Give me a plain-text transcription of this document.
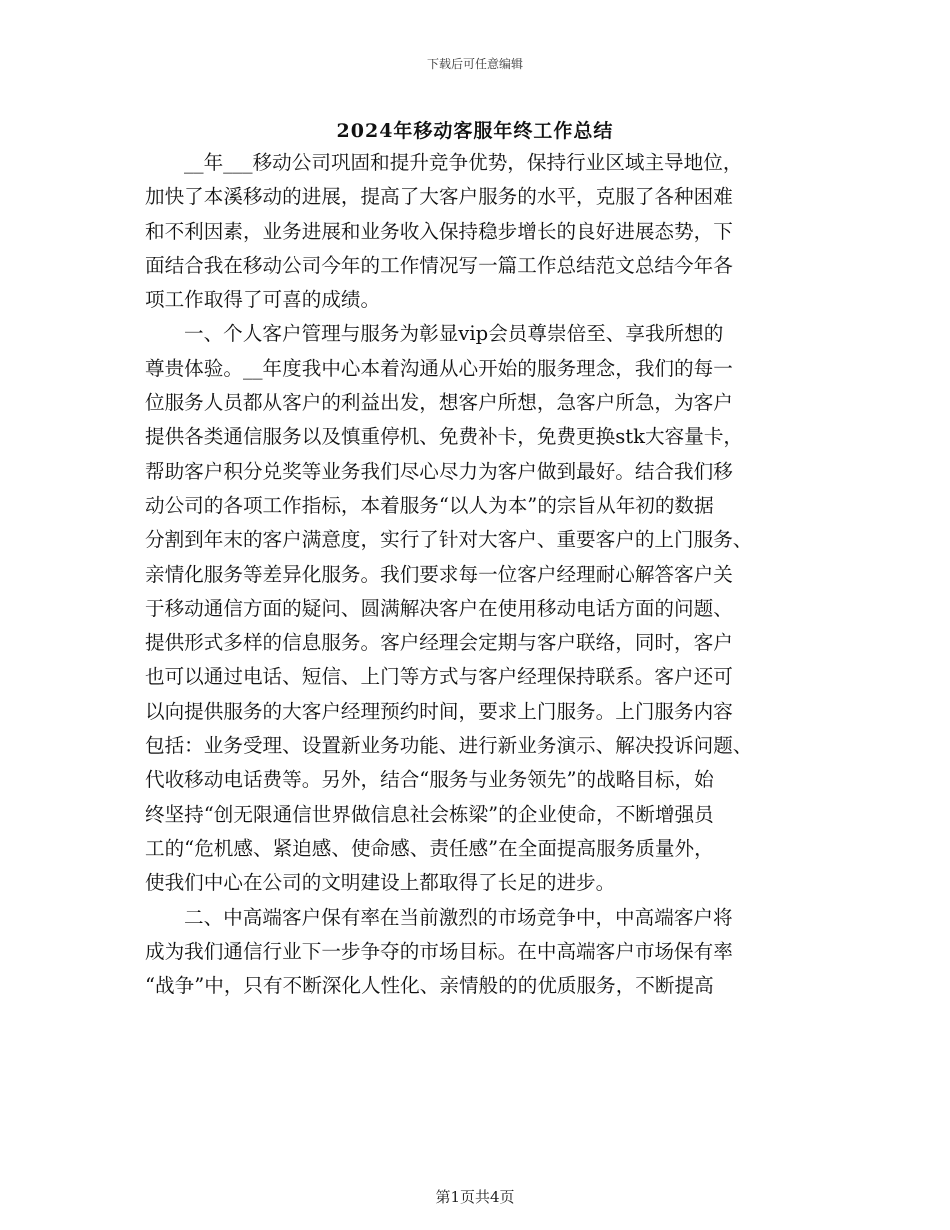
下载后可任意编辑
2024年移动客服年终工作总结
__年___移动公司巩固和提升竞争优势，保持行业区域主导地位，
加快了本溪移动的进展，提高了大客户服务的水平，克服了各种困难
和不利因素，业务进展和业务收入保持稳步增长的良好进展态势，下
面结合我在移动公司今年的工作情况写一篇工作总结范文总结今年各
项工作取得了可喜的成绩。
一、个人客户管理与服务为彰显vip会员尊崇倍至、享我所想的
尊贵体验。__年度我中心本着沟通从心开始的服务理念，我们的每一
位服务人员都从客户的利益出发，想客户所想，急客户所急，为客户
提供各类通信服务以及慎重停机、免费补卡，免费更换stk大容量卡，
帮助客户积分兑奖等业务我们尽心尽力为客户做到最好。结合我们移
动公司的各项工作指标，本着服务“以人为本”的宗旨从年初的数据
分割到年末的客户满意度，实行了针对大客户、重要客户的上门服务、
亲情化服务等差异化服务。我们要求每一位客户经理耐心解答客户关
于移动通信方面的疑问、圆满解决客户在使用移动电话方面的问题、
提供形式多样的信息服务。客户经理会定期与客户联络，同时，客户
也可以通过电话、短信、上门等方式与客户经理保持联系。客户还可
以向提供服务的大客户经理预约时间，要求上门服务。上门服务内容
包括：业务受理、设置新业务功能、进行新业务演示、解决投诉问题、
代收移动电话费等。另外，结合“服务与业务领先”的战略目标，始
终坚持“创无限通信世界做信息社会栋梁”的企业使命，不断增强员
工的“危机感、紧迫感、使命感、责任感”在全面提高服务质量外，
使我们中心在公司的文明建设上都取得了长足的进步。
二、中高端客户保有率在当前激烈的市场竞争中，中高端客户将
成为我们通信行业下一步争夺的市场目标。在中高端客户市场保有率
“战争”中，只有不断深化人性化、亲情般的的优质服务，不断提高
第1页共4页
